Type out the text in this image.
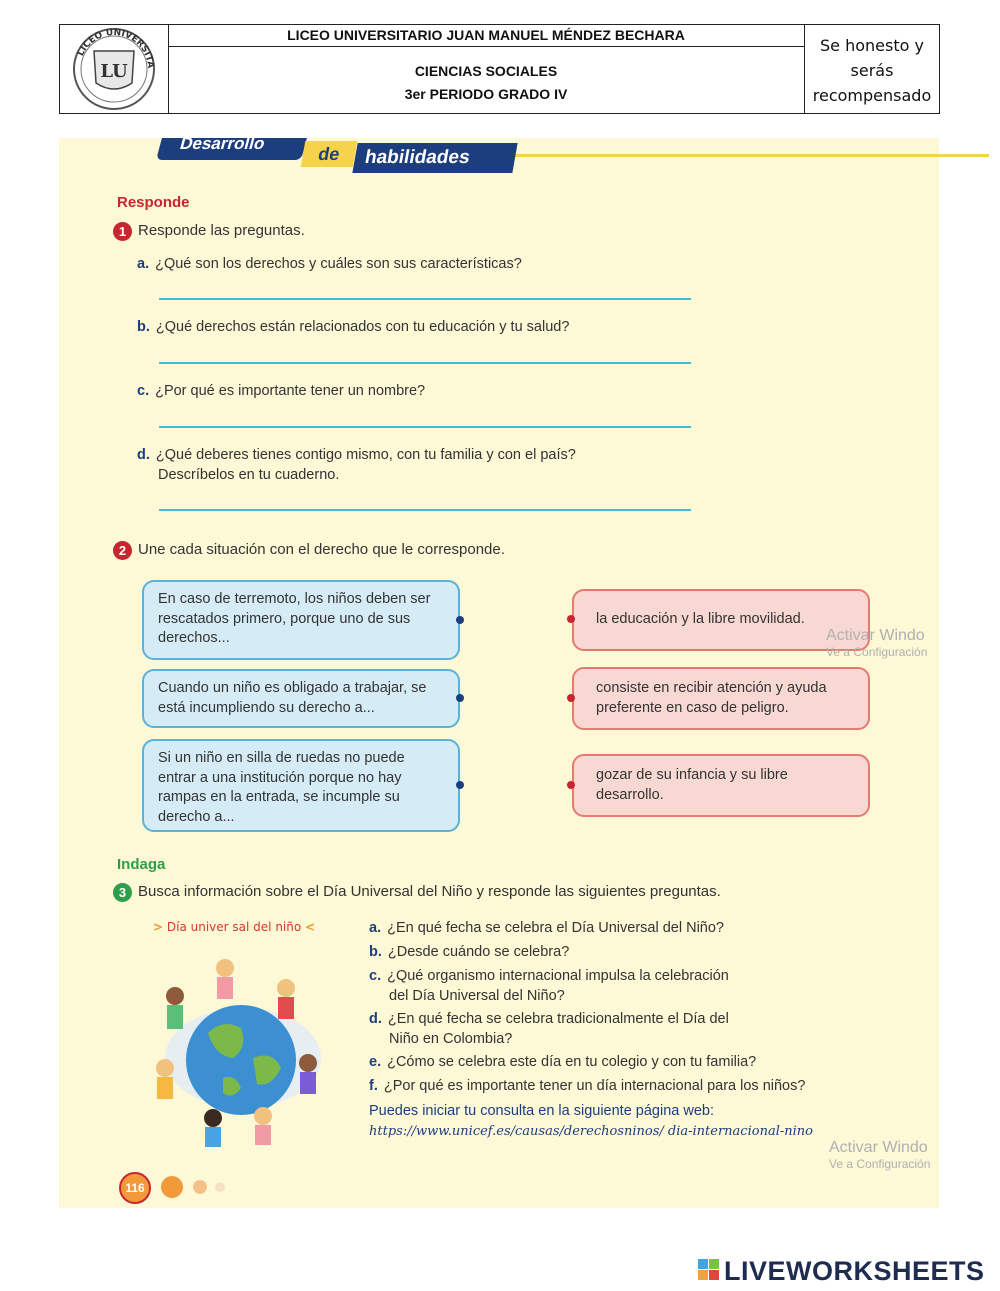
LICEO UNIVERSITA
LU
LICEO UNIVERSITARIO JUAN MANUEL MÉNDEZ BECHARA
CIENCIAS SOCIALES
3er PERIODO GRADO IV
Se honesto y
serás
recompensado
Desarrollo
de	habilidades
Responde
1 Responde las preguntas.
a. ¿Qué son los derechos y cuáles son sus características?
b. ¿Qué derechos están relacionados con tu educación y tu salud?
c. ¿Por qué es importante tener un nombre?
d. ¿Qué deberes tienes contigo mismo, con tu familia y con el país?
Descríbelos en tu cuaderno.
2 Une cada situación con el derecho que le corresponde.
En caso de terremoto, los niños deben ser rescatados primero, porque uno de sus derechos...
Cuando un niño es obligado a trabajar, se está incumpliendo su derecho a...
Si un niño en silla de ruedas no puede entrar a una institución porque no hay rampas en la entrada, se incumple su derecho a...
la educación y la libre movilidad.
consiste en recibir atención y ayuda preferente en caso de peligro.
gozar de su infancia y su libre desarrollo.
Indaga
3 Busca información sobre el Día Universal del Niño y responde las siguientes preguntas.
> Día univer sal del niño <	a. ¿En qué fecha se celebra el Día Universal del Niño?
b. ¿Desde cuándo se celebra?
c. ¿Qué organismo internacional impulsa la celebración
del Día Universal del Niño?
d. ¿En qué fecha se celebra tradicionalmente el Día del
Niño en Colombia?
e. ¿Cómo se celebra este día en tu colegio y con tu familia?
f. ¿Por qué es importante tener un día internacional para los niños?
Puedes iniciar tu consulta en la siguiente página web:
https://www.unicef.es/causas/derechosninos/ dia-internacional-nino
116
Activar Windo
Ve a Configuración
Activar Windo
Ve a Configuración
LIVEWORKSHEETS
